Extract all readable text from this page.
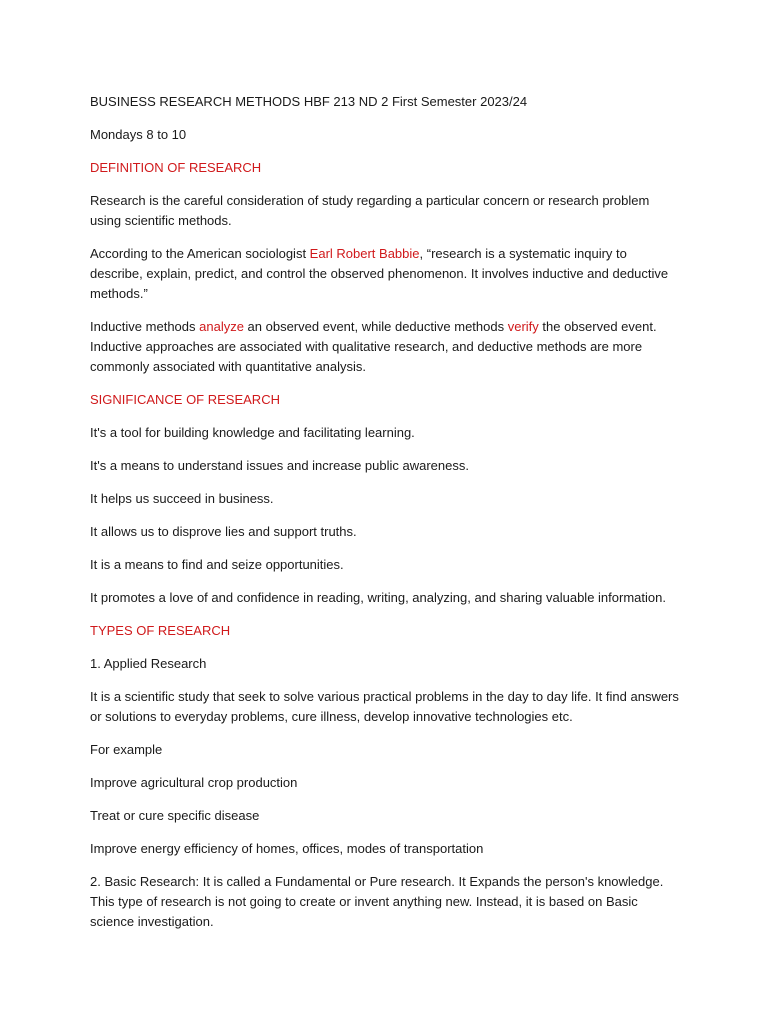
BUSINESS RESEARCH METHODS HBF 213 ND 2 First Semester 2023/24

Mondays 8 to 10

DEFINITION OF RESEARCH

Research is the careful consideration of study regarding a particular concern or research problem using scientific methods.

According to the American sociologist Earl Robert Babbie, “research is a systematic inquiry to describe, explain, predict, and control the observed phenomenon. It involves inductive and deductive methods.”

Inductive methods analyze an observed event, while deductive methods verify the observed event. Inductive approaches are associated with qualitative research, and deductive methods are more commonly associated with quantitative analysis.

SIGNIFICANCE OF RESEARCH

It's a tool for building knowledge and facilitating learning.

It's a means to understand issues and increase public awareness.

It helps us succeed in business.

It allows us to disprove lies and support truths.

It is a means to find and seize opportunities.

It promotes a love of and confidence in reading, writing, analyzing, and sharing valuable information.

TYPES OF RESEARCH

1. Applied Research

It is a scientific study that seek to solve various practical problems in the day to day life. It find answers or solutions to everyday problems, cure illness, develop innovative technologies etc.

For example

Improve agricultural crop production

Treat or cure specific disease

Improve energy efficiency of homes, offices, modes of transportation

2. Basic Research: It is called a Fundamental or Pure research. It Expands the person's knowledge. This type of research is not going to create or invent anything new. Instead, it is based on Basic science investigation.
